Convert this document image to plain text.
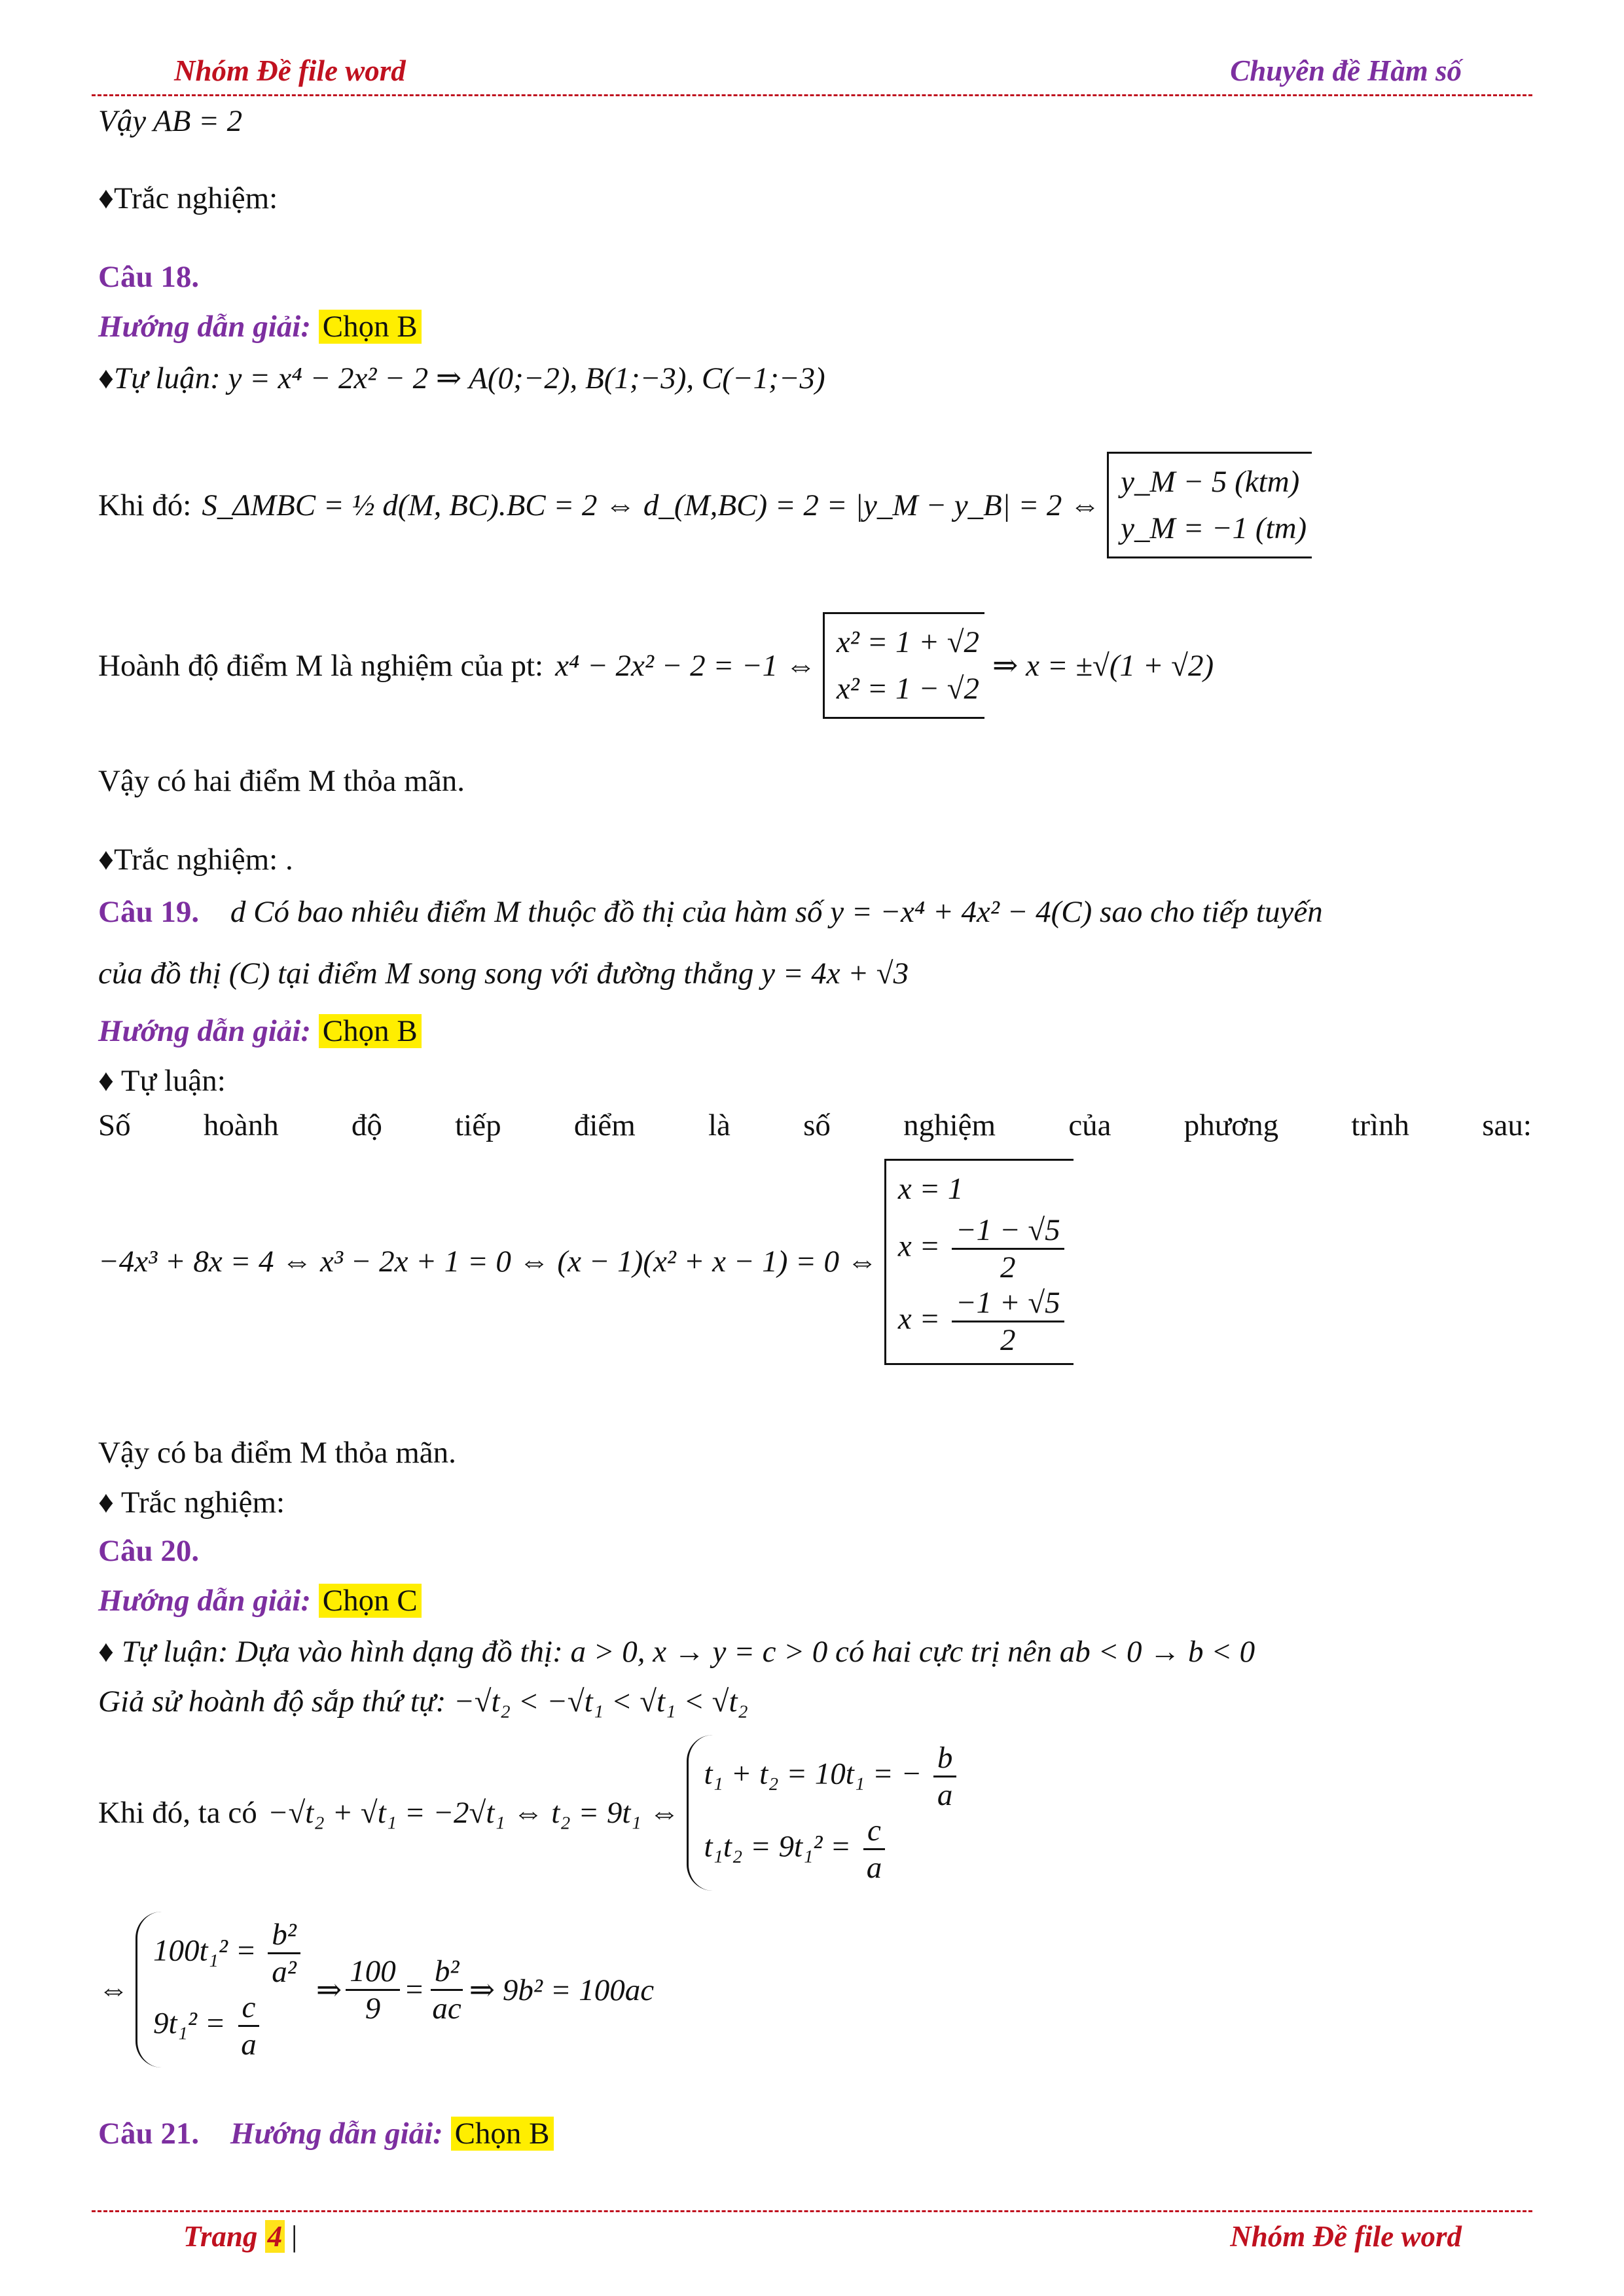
Nhóm Đề file word	Chuyên đề Hàm số
Vậy AB = 2
♦Trắc nghiệm:
Câu 18.
Hướng dẫn giải: Chọn B
♦Tự luận: y = x⁴ − 2x² − 2 ⇒ A(0;−2), B(1;−3), C(−1;−3)
Khi đó: S_ΔMBC = ½ d(M, BC).BC = 2 ⇔ d_(M,BC) = 2 = |y_M − y_B| = 2 ⇔
y_M − 5 (ktm)
y_M = −1 (tm)
Hoành độ điểm M là nghiệm của pt: x⁴ − 2x² − 2 = −1 ⇔
x² = 1 + √2
x² = 1 − √2
⇒ x = ±√(1 + √2)
Vậy có hai điểm M thỏa mãn.
♦Trắc nghiệm: .
Câu 19. d Có bao nhiêu điểm M thuộc đồ thị của hàm số y = −x⁴ + 4x² − 4(C) sao cho tiếp tuyến
của đồ thị (C) tại điểm M song song với đường thẳng y = 4x + √3
Hướng dẫn giải: Chọn B
♦ Tự luận:
Số hoành độ tiếp điểm là số nghiệm của phương trình sau:
−4x³ + 8x = 4 ⇔ x³ − 2x + 1 = 0 ⇔ (x − 1)(x² + x − 1) = 0 ⇔
x = 1
$x = \frac{-1 - √5}{2}$
$x = \frac{-1 + √5}{2}$
Vậy có ba điểm M thỏa mãn.
♦ Trắc nghiệm:
Câu 20.
Hướng dẫn giải: Chọn C
♦ Tự luận: Dựa vào hình dạng đồ thị: a > 0, x → y = c > 0 có hai cực trị nên ab < 0 → b < 0
Giả sử hoành độ sắp thứ tự: −√t₂ < −√t₁ < √t₁ < √t₂
Khi đó, ta có −√t₂ + √t₁ = −2√t₁ ⇔ t₂ = 9t₁ ⇔
t₁ + t₂ = 10t₁ = − $\frac{b}{a}$
$t_1t_2 = 9t_1^2 = \frac{c}{a}$
⇔
$100t_1^2 = \frac{\text{b²}}{\text{a²}}$
$9t_1^2 = \frac{c}{a}$ ⇒ $\frac{100}{9} = \frac{\text{b²}}{ac}$ ⇒ 9b² = 100ac
Câu 21. Hướng dẫn giải: Chọn B
Trang 4 |	Nhóm Đề file word
